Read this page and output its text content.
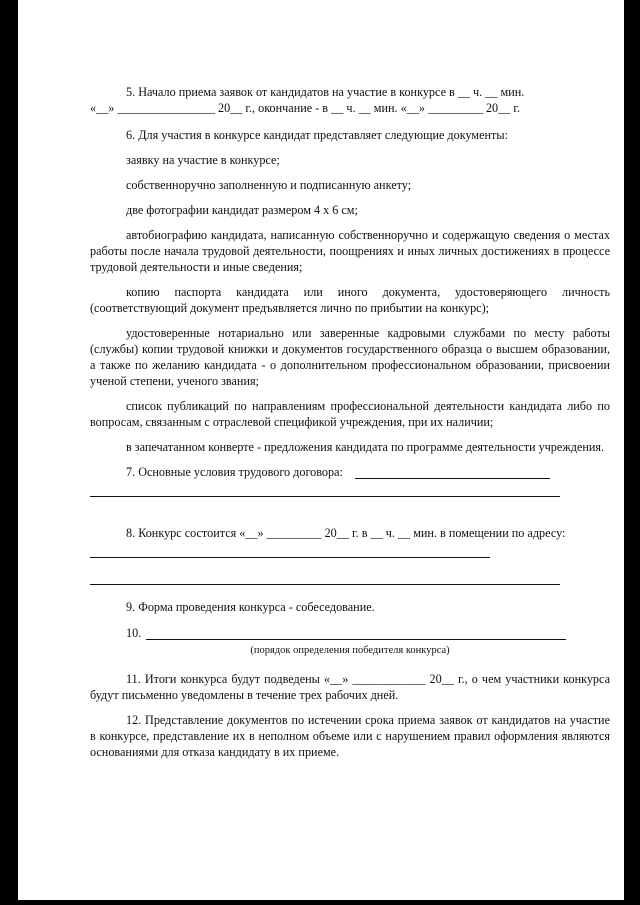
5. Начало приема заявок от кандидатов на участие в конкурсе в __ ч. __ мин.

«__» ________________ 20__ г., окончание - в __ ч. __ мин. «__» _________ 20__ г.

6. Для участия в конкурсе кандидат представляет следующие документы:

заявку на участие в конкурсе;

собственноручно заполненную и подписанную анкету;

две фотографии кандидат размером 4 х 6 см;

автобиографию кандидата, написанную собственноручно и содержащую сведения о местах работы после начала трудовой деятельности, поощрениях и иных личных достижениях в процессе трудовой деятельности и иные сведения;

копию паспорта кандидата или иного документа, удостоверяющего личность (соответствующий документ предъявляется лично по прибытии на конкурс);

удостоверенные нотариально или заверенные кадровыми службами по месту работы (службы) копии трудовой книжки и документов государственного образца о высшем образовании, а также по желанию кандидата - о дополнительном профессиональном образовании, присвоении ученой степени, ученого звания;

список публикаций по направлениям профессиональной деятельности кандидата либо по вопросам, связанным с отраслевой спецификой учреждения, при их наличии;

в запечатанном конверте - предложения кандидата по программе деятельности учреждения.

7. Основные условия трудового договора:

8. Конкурс состоится «__» _________ 20__ г. в __ ч. __ мин. в помещении по адресу:

9. Форма проведения конкурса - собеседование.

10.

(порядок определения победителя конкурса)

11. Итоги конкурса будут подведены «__» ____________ 20__ г., о чем участники конкурса будут письменно уведомлены в течение трех рабочих дней.

12. Представление документов по истечении срока приема заявок от кандидатов на участие в конкурсе, представление их в неполном объеме или с нарушением правил оформления являются основаниями для отказа кандидату в их приеме.
